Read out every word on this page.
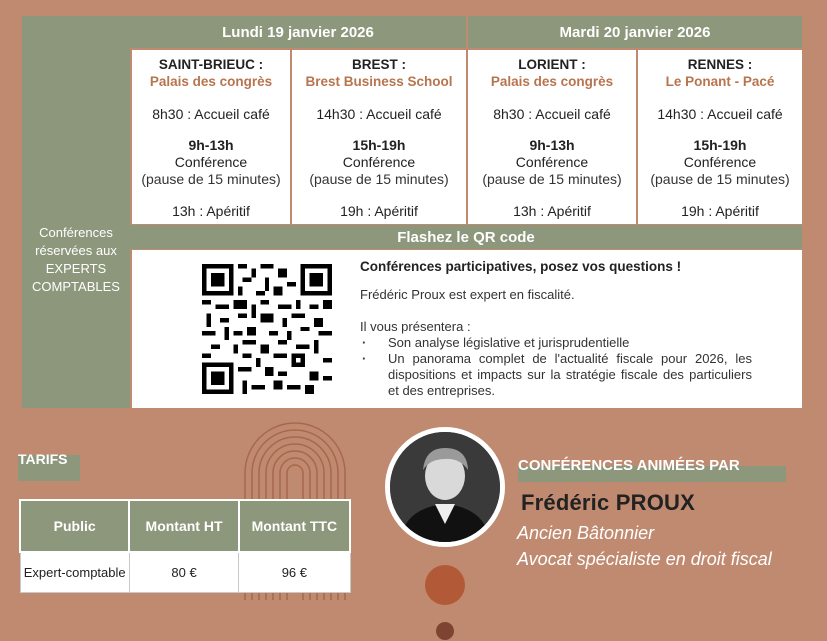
Conférences réservées aux EXPERTS COMPTABLES
Lundi 19 janvier 2026	Mardi 20 janvier 2026
SAINT-BRIEUC :
Palais des congrès
8h30 : Accueil café
9h-13h
Conférence
(pause de 15 minutes)
13h : Apéritif
BREST :
Brest Business School
14h30 : Accueil café
15h-19h
Conférence
(pause de 15 minutes)
19h : Apéritif
LORIENT :
Palais des congrès
8h30 : Accueil café
9h-13h
Conférence
(pause de 15 minutes)
13h : Apéritif
RENNES :
Le Ponant - Pacé
14h30 : Accueil café
15h-19h
Conférence
(pause de 15 minutes)
19h : Apéritif
Flashez le QR code
Conférences participatives, posez vos questions !
Frédéric Proux est expert en fiscalité.
Il vous présentera :
· Son analyse législative et jurisprudentielle
· Un panorama complet de l'actualité fiscale pour 2026, les dispositions et impacts sur la stratégie fiscale des particuliers et des entreprises.
TARIFS
Public	Montant HT	Montant TTC
Expert-comptable	80 €	96 €
CONFÉRENCES ANIMÉES PAR
Frédéric PROUX
Ancien Bâtonnier
Avocat spécialiste en droit fiscal
